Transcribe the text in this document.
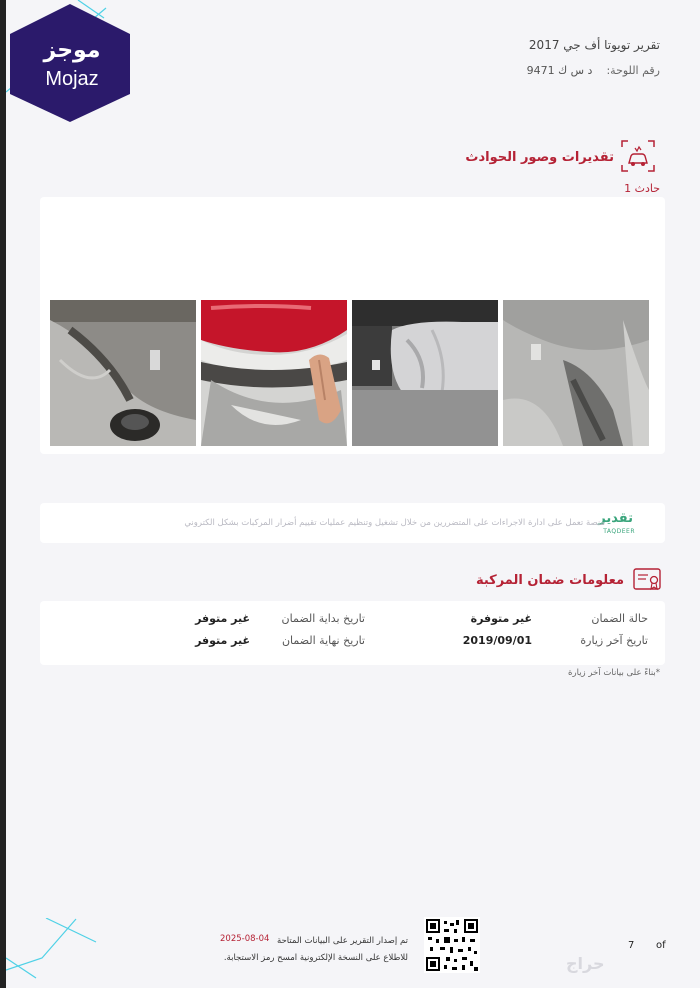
موجز
Mojaz
تقرير تويوتا أف جي 2017
رقم اللوحة:
د س ك 9471
تقديرات وصور الحوادث
حادث 1
تقدير
TAQDEER
منصة تعمل على ادارة الاجراءات على المتضررين من خلال تشغيل وتنظيم عمليات تقييم أضرار المركبات بشكل الكتروني
معلومات ضمان المركبة
حالة الضمان
غير متوفرة
تاريخ بداية الضمان
غير متوفر
تاريخ آخر زيارة
2019/09/01
تاريخ نهاية الضمان
غير متوفر
*بناءً على بيانات آخر زيارة
تم إصدار التقرير على البيانات المتاحة
2025-08-04
للاطلاع على النسخة الإلكترونية امسح رمز الاستجابة.
7 of
حراج
